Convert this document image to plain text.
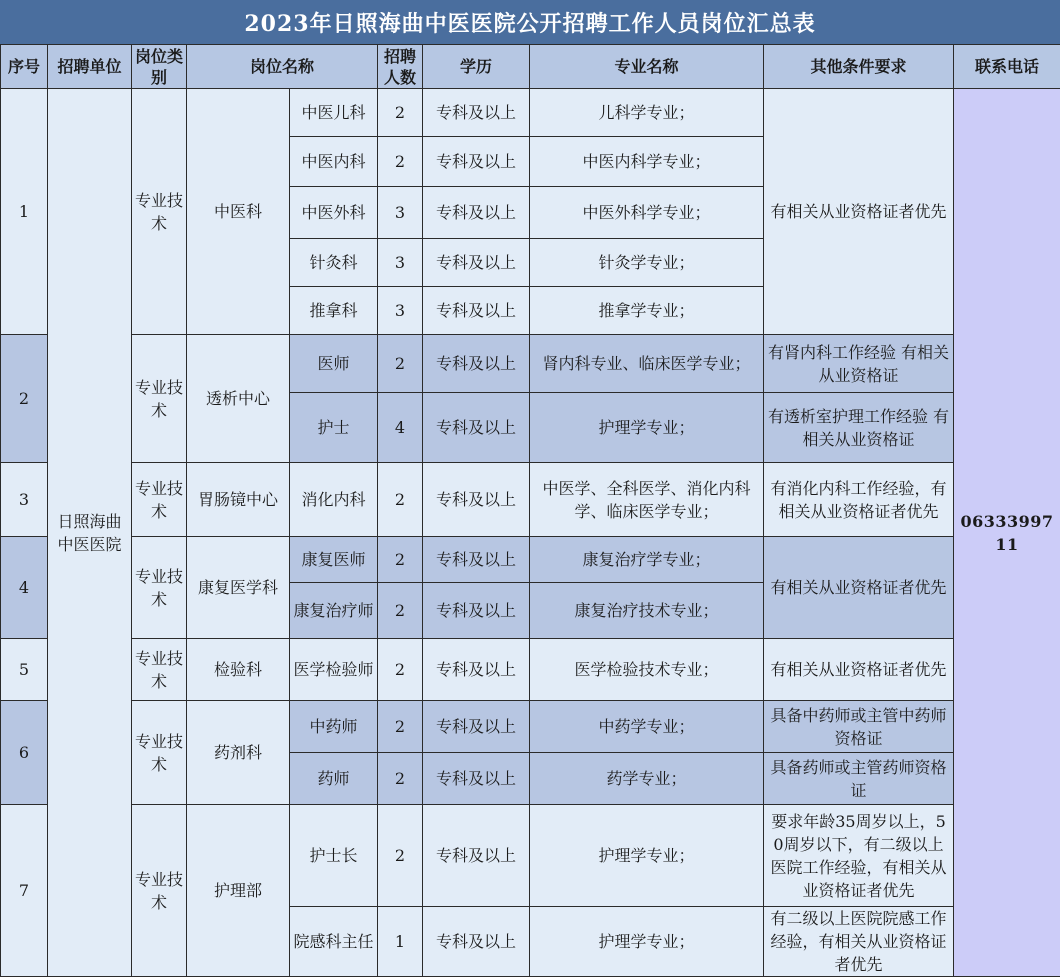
2023年日照海曲中医医院公开招聘工作人员岗位汇总表
序号	招聘单位	岗位类别	岗位名称		招聘人数	学历	专业名称	其他条件要求	联系电话
1	日照海曲中医医院	专业技术	中医科	中医儿科	2	专科及以上	儿科学专业；	有相关从业资格证者优先	0633399711
				中医内科	2	专科及以上	中医内科学专业；		
				中医外科	3	专科及以上	中医外科学专业；		
				针灸科	3	专科及以上	针灸学专业；		
				推拿科	3	专科及以上	推拿学专业；		
2		专业技术	透析中心	医师	2	专科及以上	肾内科专业、临床医学专业；	有肾内科工作经验 有相关从业资格证	
				护士	4	专科及以上	护理学专业；	有透析室护理工作经验 有相关从业资格证	
3		专业技术	胃肠镜中心	消化内科	2	专科及以上	中医学、全科医学、消化内科学、临床医学专业；	有消化内科工作经验，有相关从业资格证者优先	
4		专业技术	康复医学科	康复医师	2	专科及以上	康复治疗学专业；	有相关从业资格证者优先	
				康复治疗师	2	专科及以上	康复治疗技术专业；		
5		专业技术	检验科	医学检验师	2	专科及以上	医学检验技术专业；	有相关从业资格证者优先	
6		专业技术	药剂科	中药师	2	专科及以上	中药学专业；	具备中药师或主管中药师资格证	
				药师	2	专科及以上	药学专业；	具备药师或主管药师资格证	
7		专业技术	护理部	护士长	2	专科及以上	护理学专业；	要求年龄35周岁以上，50周岁以下，有二级以上医院工作经验，有相关从业资格证者优先	
				院感科主任	1	专科及以上	护理学专业；	有二级以上医院院感工作经验，有相关从业资格证者优先	
